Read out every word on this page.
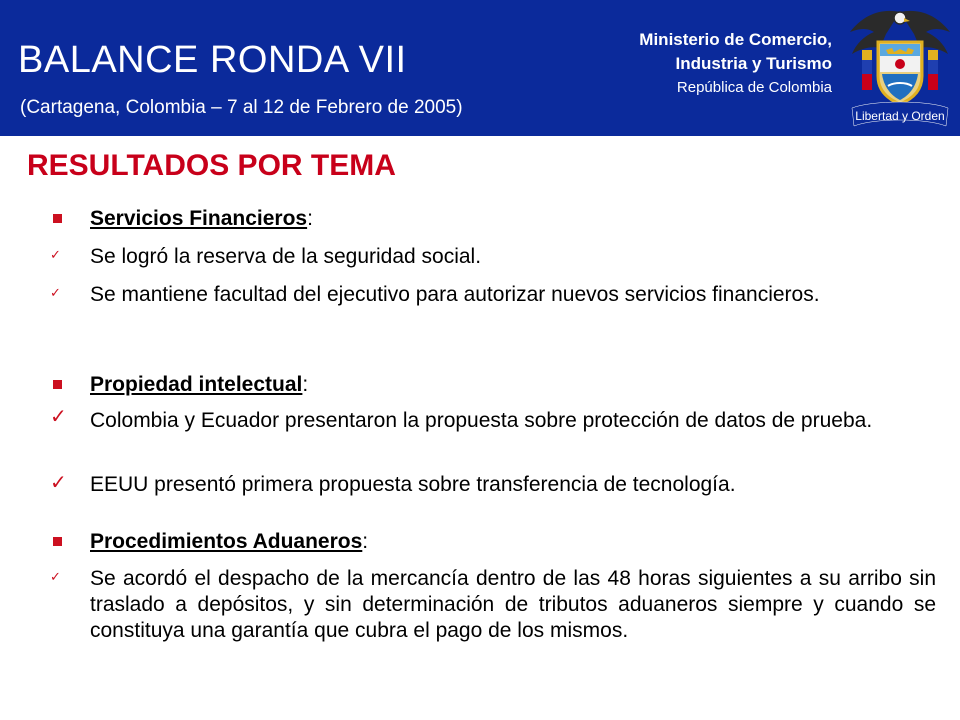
BALANCE RONDA VII
(Cartagena, Colombia – 7 al 12 de Febrero de 2005)
Ministerio de Comercio,
Industria y Turismo
República de Colombia
Libertad y Orden
RESULTADOS POR TEMA
Servicios Financieros:
✓ Se logró la reserva de la seguridad social.
✓ Se mantiene facultad del ejecutivo para autorizar nuevos servicios financieros.
Propiedad intelectual:
✓ Colombia y Ecuador presentaron la propuesta sobre protección de datos de prueba.
✓ EEUU presentó primera propuesta sobre transferencia de tecnología.
Procedimientos Aduaneros:
✓ Se acordó el despacho de la mercancía dentro de las 48 horas siguientes a su arribo sin traslado a depósitos, y sin determinación de tributos aduaneros siempre y cuando se constituya una garantía que cubra el pago de los mismos.
